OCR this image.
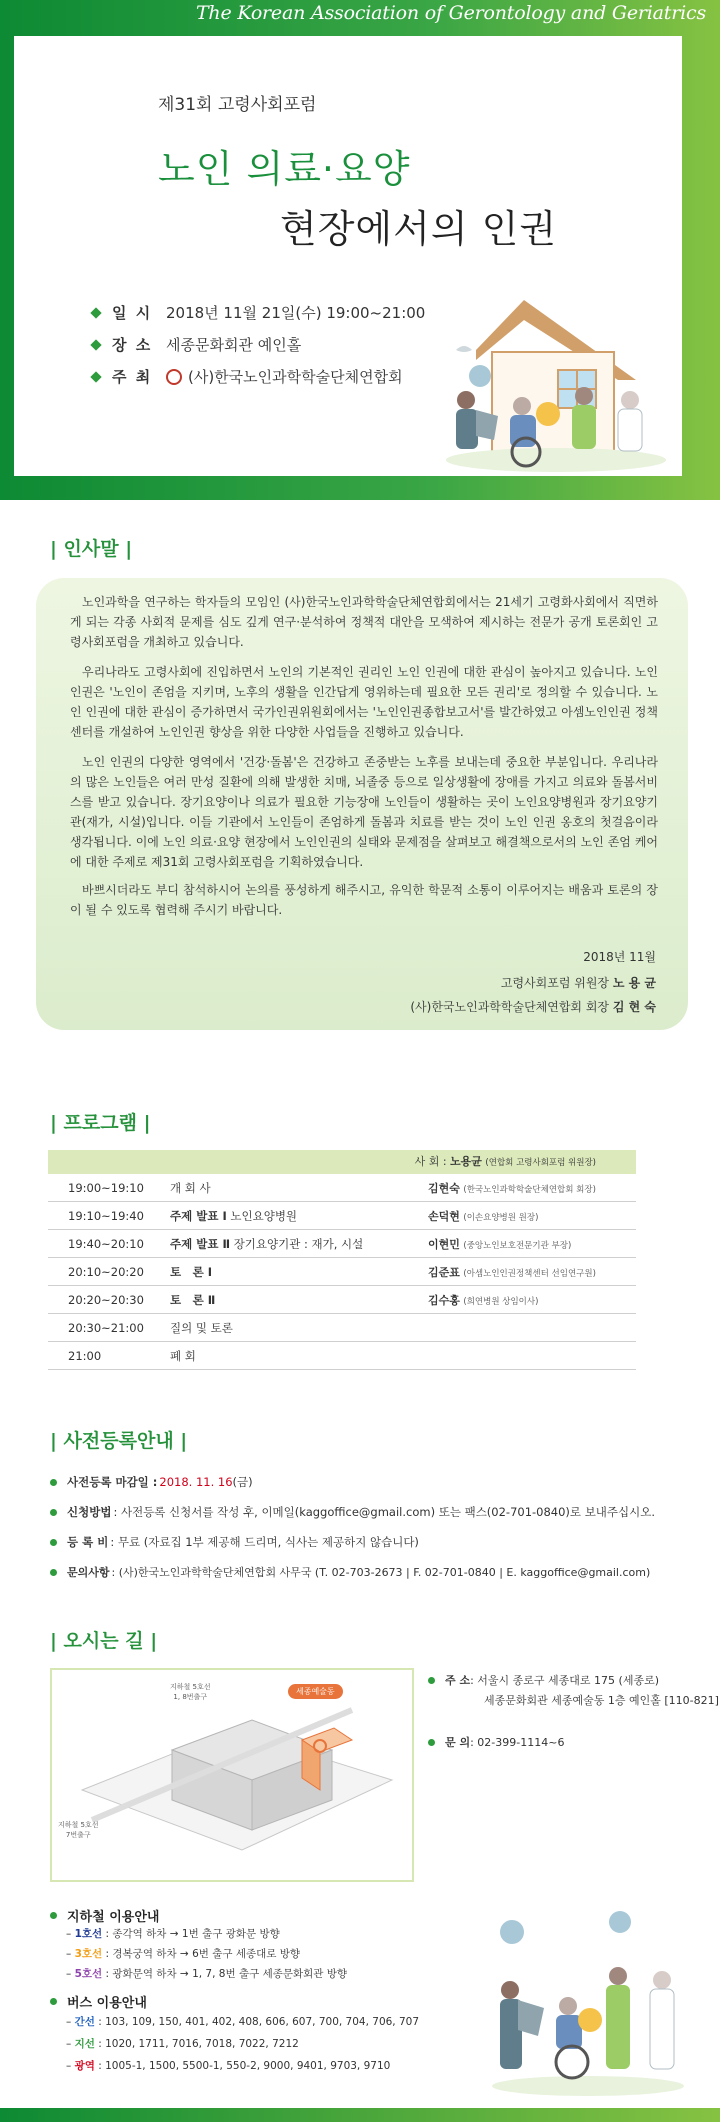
The Korean Association of Gerontology and Geriatrics
제31회 고령사회포럼
노인 의료·요양
현장에서의 인권
일 시 2018년 11월 21일(수) 19:00~21:00
장 소 세종문화회관 예인홀
주 최	(사)한국노인과학학술단체연합회
| 인사말 |

노인과학을 연구하는 학자들의 모임인 (사)한국노인과학학술단체연합회에서는 21세기 고령화사회에서 직면하게 되는 각종 사회적 문제를 심도 깊게 연구·분석하여 정책적 대안을 모색하여 제시하는 전문가 공개 토론회인 고령사회포럼을 개최하고 있습니다.

우리나라도 고령사회에 진입하면서 노인의 기본적인 권리인 노인 인권에 대한 관심이 높아지고 있습니다. 노인 인권은 '노인이 존엄을 지키며, 노후의 생활을 인간답게 영위하는데 필요한 모든 권리'로 정의할 수 있습니다. 노인 인권에 대한 관심이 증가하면서 국가인권위원회에서는 '노인인권종합보고서'를 발간하였고 아셈노인인권 정책센터를 개설하여 노인인권 향상을 위한 다양한 사업들을 진행하고 있습니다.

노인 인권의 다양한 영역에서 '건강·돌봄'은 건강하고 존중받는 노후를 보내는데 중요한 부분입니다. 우리나라의 많은 노인들은 여러 만성 질환에 의해 발생한 치매, 뇌졸중 등으로 일상생활에 장애를 가지고 의료와 돌봄서비스를 받고 있습니다. 장기요양이나 의료가 필요한 기능장애 노인들이 생활하는 곳이 노인요양병원과 장기요양기관(재가, 시설)입니다. 이들 기관에서 노인들이 존엄하게 돌봄과 치료를 받는 것이 노인 인권 옹호의 첫걸음이라 생각됩니다. 이에 노인 의료·요양 현장에서 노인인권의 실태와 문제점을 살펴보고 해결책으로서의 노인 존엄 케어에 대한 주제로 제31회 고령사회포럼을 기획하였습니다.

바쁘시더라도 부디 참석하시어 논의를 풍성하게 해주시고, 유익한 학문적 소통이 이루어지는 배움과 토론의 장이 될 수 있도록 협력해 주시기 바랍니다.

2018년 11월
고령사회포럼 위원장 노 용 균
(사)한국노인과학학술단체연합회 회장 김 현 숙
| 프로그램 |
사 회 : 노용균 (연합회 고령사회포럼 위원장)
19:00~19:10	개 회 사	김현숙 (한국노인과학학술단체연합회 회장)
19:10~19:40	주제 발표 Ⅰ 노인요양병원	손덕현 (이손요양병원 원장)
19:40~20:10	주제 발표 Ⅱ 장기요양기관 : 재가, 시설	이현민 (중앙노인보호전문기관 부장)
20:10~20:20	토　론 Ⅰ	김준표 (아셈노인인권정책센터 선임연구원)
20:20~20:30	토　론 Ⅱ	김수홍 (희연병원 상임이사)
20:30~21:00	질의 및 토론
21:00	폐 회
| 사전등록안내 |
사전등록 마감일 : 2018. 11. 16 (금)
신청방법 : 사전등록 신청서를 작성 후, 이메일(kaggoffice@gmail.com) 또는 팩스(02-701-0840)로 보내주십시오.
등 록 비 : 무료 (자료집 1부 제공해 드리며, 식사는 제공하지 않습니다)
문의사항 : (사)한국노인과학학술단체연합회 사무국 (T. 02-703-2673 | F. 02-701-0840 | E. kaggoffice@gmail.com)
| 오시는 길 |
세종예술동
지하철 5호선
1, 8번출구
지하철 5호선
7번출구
주 소 : 서울시 종로구 세종대로 175 (세종로)
세종문화회관 세종예술동 1층 예인홀 [110-821]
문 의 : 02-399-1114~6
지하철 이용안내
– 1호선 : 종각역 하차 → 1번 출구 광화문 방향
– 3호선 : 경복궁역 하차 → 6번 출구 세종대로 방향
– 5호선 : 광화문역 하차 → 1, 7, 8번 출구 세종문화회관 방향
버스 이용안내
– 간선 : 103, 109, 150, 401, 402, 408, 606, 607, 700, 704, 706, 707
– 지선 : 1020, 1711, 7016, 7018, 7022, 7212
– 광역 : 1005-1, 1500, 5500-1, 550-2, 9000, 9401, 9703, 9710
